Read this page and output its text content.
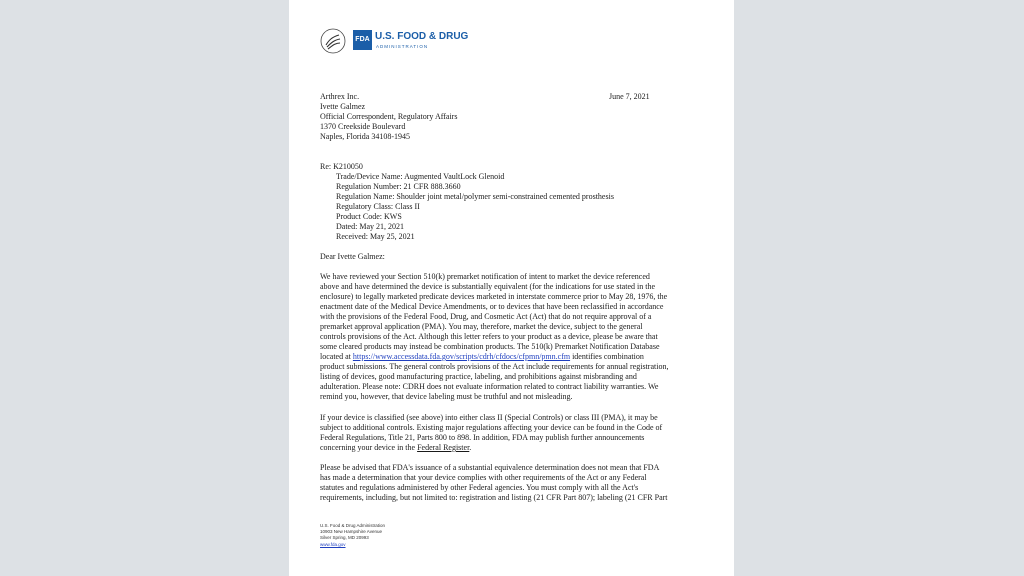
FDA U.S. FOOD & DRUG
ADMINISTRATION
Arthrex Inc.
Ivette Galmez
Official Correspondent, Regulatory Affairs
1370 Creekside Boulevard
Naples, Florida 34108-1945
June 7, 2021
Re: K210050
Trade/Device Name: Augmented VaultLock Glenoid
Regulation Number: 21 CFR 888.3660
Regulation Name: Shoulder joint metal/polymer semi-constrained cemented prosthesis
Regulatory Class: Class II
Product Code: KWS
Dated: May 21, 2021
Received: May 25, 2021
Dear Ivette Galmez:
We have reviewed your Section 510(k) premarket notification of intent to market the device referenced
above and have determined the device is substantially equivalent (for the indications for use stated in the
enclosure) to legally marketed predicate devices marketed in interstate commerce prior to May 28, 1976, the
enactment date of the Medical Device Amendments, or to devices that have been reclassified in accordance
with the provisions of the Federal Food, Drug, and Cosmetic Act (Act) that do not require approval of a
premarket approval application (PMA). You may, therefore, market the device, subject to the general
controls provisions of the Act. Although this letter refers to your product as a device, please be aware that
some cleared products may instead be combination products. The 510(k) Premarket Notification Database
located at https://www.accessdata.fda.gov/scripts/cdrh/cfdocs/cfpmn/pmn.cfm identifies combination
product submissions. The general controls provisions of the Act include requirements for annual registration,
listing of devices, good manufacturing practice, labeling, and prohibitions against misbranding and
adulteration. Please note: CDRH does not evaluate information related to contract liability warranties. We
remind you, however, that device labeling must be truthful and not misleading.
If your device is classified (see above) into either class II (Special Controls) or class III (PMA), it may be
subject to additional controls. Existing major regulations affecting your device can be found in the Code of
Federal Regulations, Title 21, Parts 800 to 898. In addition, FDA may publish further announcements
concerning your device in the Federal Register.
Please be advised that FDA's issuance of a substantial equivalence determination does not mean that FDA
has made a determination that your device complies with other requirements of the Act or any Federal
statutes and regulations administered by other Federal agencies. You must comply with all the Act's
requirements, including, but not limited to: registration and listing (21 CFR Part 807); labeling (21 CFR Part
U.S. Food & Drug Administration
10903 New Hampshire Avenue
Silver Spring, MD 20993
www.fda.gov
